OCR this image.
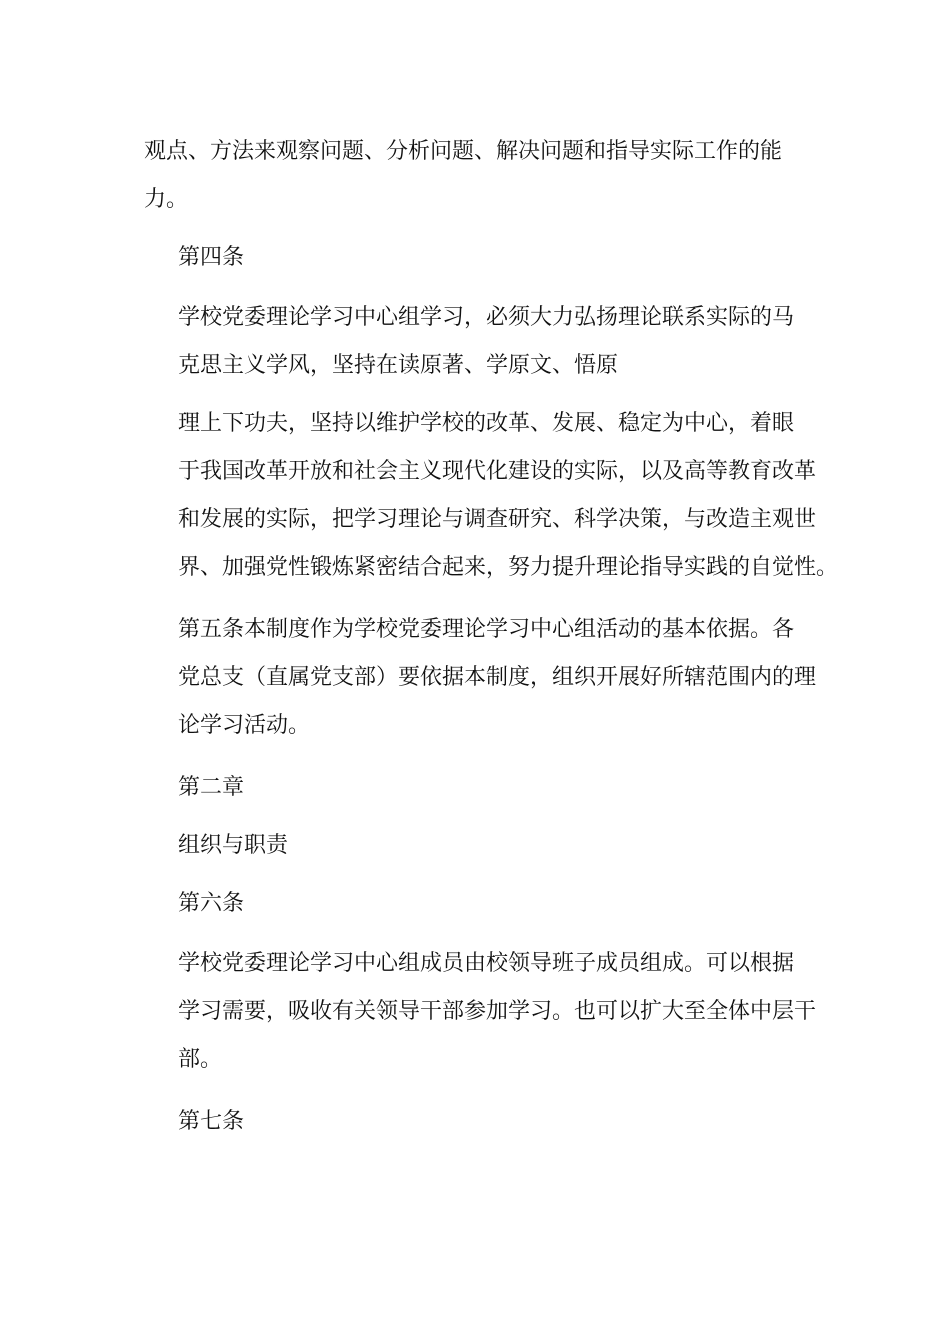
观点、方法来观察问题、分析问题、解决问题和指导实际工作的能
力。
第四条
学校党委理论学习中心组学习，必须大力弘扬理论联系实际的马
克思主义学风，坚持在读原著、学原文、悟原
理上下功夫，坚持以维护学校的改革、发展、稳定为中心，着眼
于我国改革开放和社会主义现代化建设的实际，以及高等教育改革
和发展的实际，把学习理论与调查研究、科学决策，与改造主观世
界、加强党性锻炼紧密结合起来，努力提升理论指导实践的自觉性。
第五条本制度作为学校党委理论学习中心组活动的基本依据。各
党总支（直属党支部）要依据本制度，组织开展好所辖范围内的理
论学习活动。
第二章
组织与职责
第六条
学校党委理论学习中心组成员由校领导班子成员组成。可以根据
学习需要，吸收有关领导干部参加学习。也可以扩大至全体中层干
部。
第七条
